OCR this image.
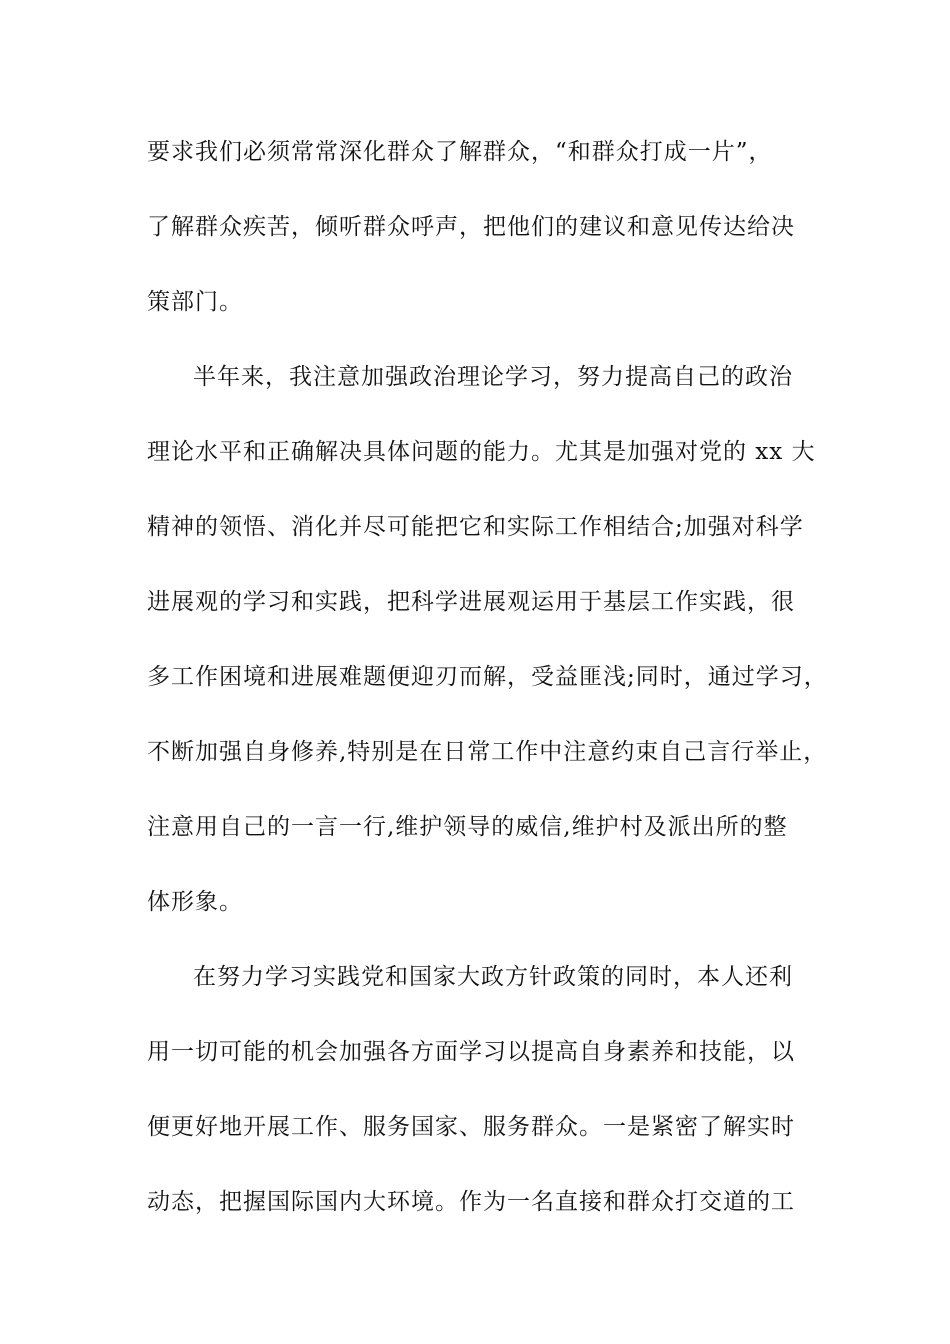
要求我们必须常常深化群众了解群众，“和群众打成一片”，
了解群众疾苦，倾听群众呼声，把他们的建议和意见传达给决
策部门。
半年来，我注意加强政治理论学习，努力提高自己的政治
理论水平和正确解决具体问题的能力。尤其是加强对党的 xx 大
精神的领悟、消化并尽可能把它和实际工作相结合;加强对科学
进展观的学习和实践，把科学进展观运用于基层工作实践，很
多工作困境和进展难题便迎刃而解，受益匪浅;同时，通过学习，
不断加强自身修养,特别是在日常工作中注意约束自己言行举止，
注意用自己的一言一行,维护领导的威信,维护村及派出所的整
体形象。
在努力学习实践党和国家大政方针政策的同时，本人还利
用一切可能的机会加强各方面学习以提高自身素养和技能，以
便更好地开展工作、服务国家、服务群众。一是紧密了解实时
动态，把握国际国内大环境。作为一名直接和群众打交道的工
